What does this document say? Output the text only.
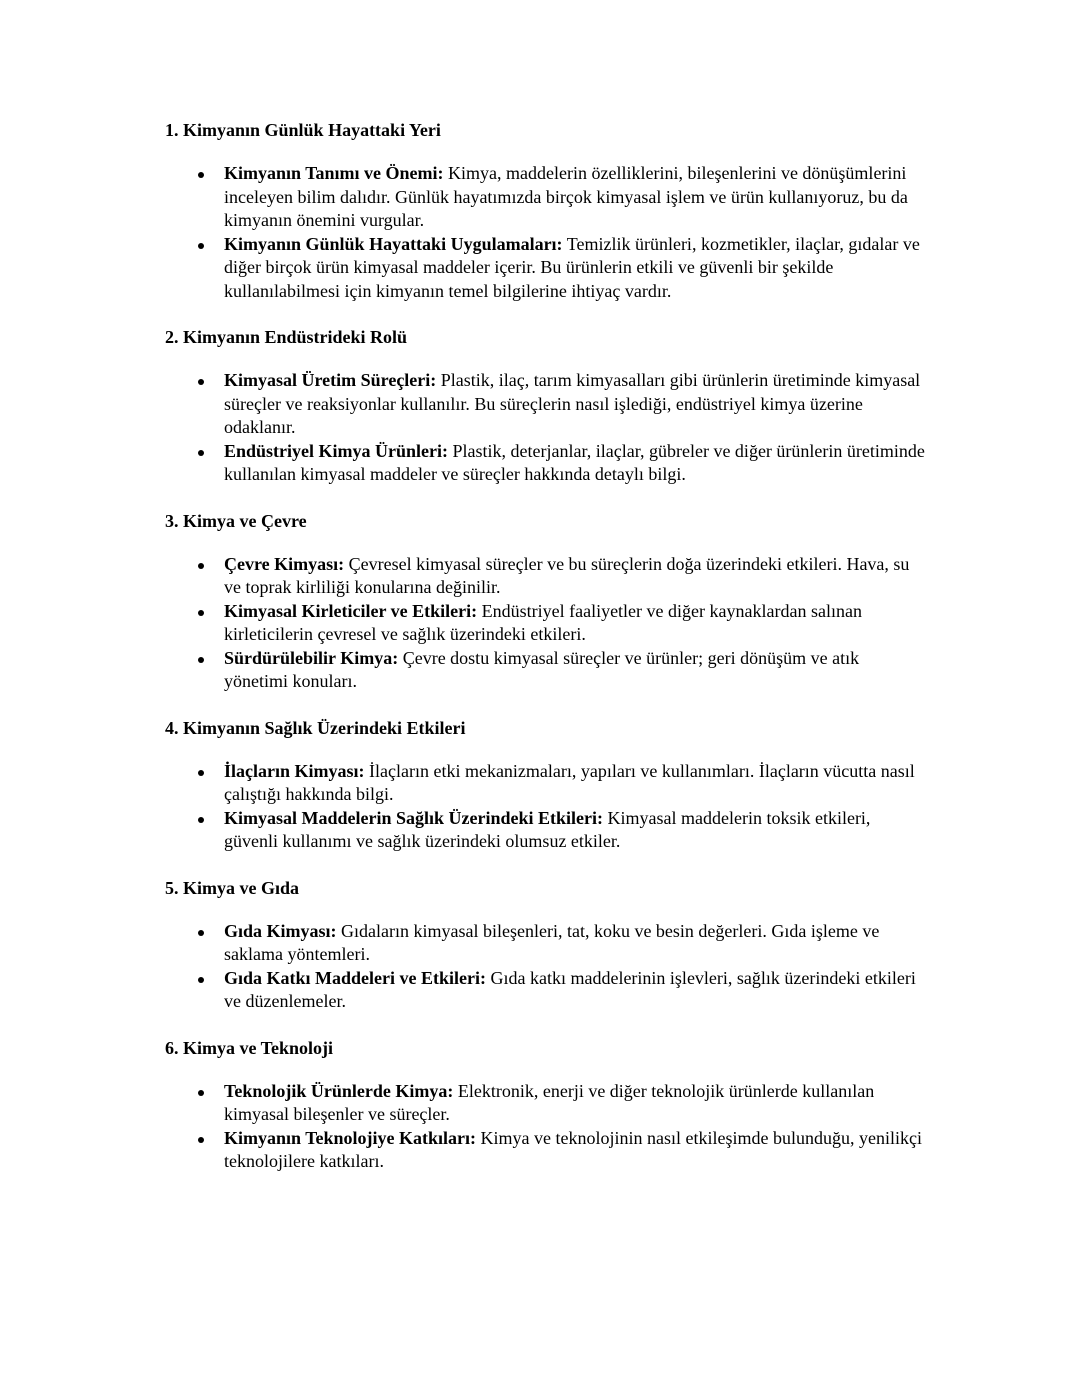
1. Kimyanın Günlük Hayattaki Yeri
Kimyanın Tanımı ve Önemi: Kimya, maddelerin özelliklerini, bileşenlerini ve dönüşümlerini inceleyen bilim dalıdır. Günlük hayatımızda birçok kimyasal işlem ve ürün kullanıyoruz, bu da kimyanın önemini vurgular.
Kimyanın Günlük Hayattaki Uygulamaları: Temizlik ürünleri, kozmetikler, ilaçlar, gıdalar ve diğer birçok ürün kimyasal maddeler içerir. Bu ürünlerin etkili ve güvenli bir şekilde kullanılabilmesi için kimyanın temel bilgilerine ihtiyaç vardır.
2. Kimyanın Endüstrideki Rolü
Kimyasal Üretim Süreçleri: Plastik, ilaç, tarım kimyasalları gibi ürünlerin üretiminde kimyasal süreçler ve reaksiyonlar kullanılır. Bu süreçlerin nasıl işlediği, endüstriyel kimya üzerine odaklanır.
Endüstriyel Kimya Ürünleri: Plastik, deterjanlar, ilaçlar, gübreler ve diğer ürünlerin üretiminde kullanılan kimyasal maddeler ve süreçler hakkında detaylı bilgi.
3. Kimya ve Çevre
Çevre Kimyası: Çevresel kimyasal süreçler ve bu süreçlerin doğa üzerindeki etkileri. Hava, su ve toprak kirliliği konularına değinilir.
Kimyasal Kirleticiler ve Etkileri: Endüstriyel faaliyetler ve diğer kaynaklardan salınan kirleticilerin çevresel ve sağlık üzerindeki etkileri.
Sürdürülebilir Kimya: Çevre dostu kimyasal süreçler ve ürünler; geri dönüşüm ve atık yönetimi konuları.
4. Kimyanın Sağlık Üzerindeki Etkileri
İlaçların Kimyası: İlaçların etki mekanizmaları, yapıları ve kullanımları. İlaçların vücutta nasıl çalıştığı hakkında bilgi.
Kimyasal Maddelerin Sağlık Üzerindeki Etkileri: Kimyasal maddelerin toksik etkileri, güvenli kullanımı ve sağlık üzerindeki olumsuz etkiler.
5. Kimya ve Gıda
Gıda Kimyası: Gıdaların kimyasal bileşenleri, tat, koku ve besin değerleri. Gıda işleme ve saklama yöntemleri.
Gıda Katkı Maddeleri ve Etkileri: Gıda katkı maddelerinin işlevleri, sağlık üzerindeki etkileri ve düzenlemeler.
6. Kimya ve Teknoloji
Teknolojik Ürünlerde Kimya: Elektronik, enerji ve diğer teknolojik ürünlerde kullanılan kimyasal bileşenler ve süreçler.
Kimyanın Teknolojiye Katkıları: Kimya ve teknolojinin nasıl etkileşimde bulunduğu, yenilikçi teknolojilere katkıları.
